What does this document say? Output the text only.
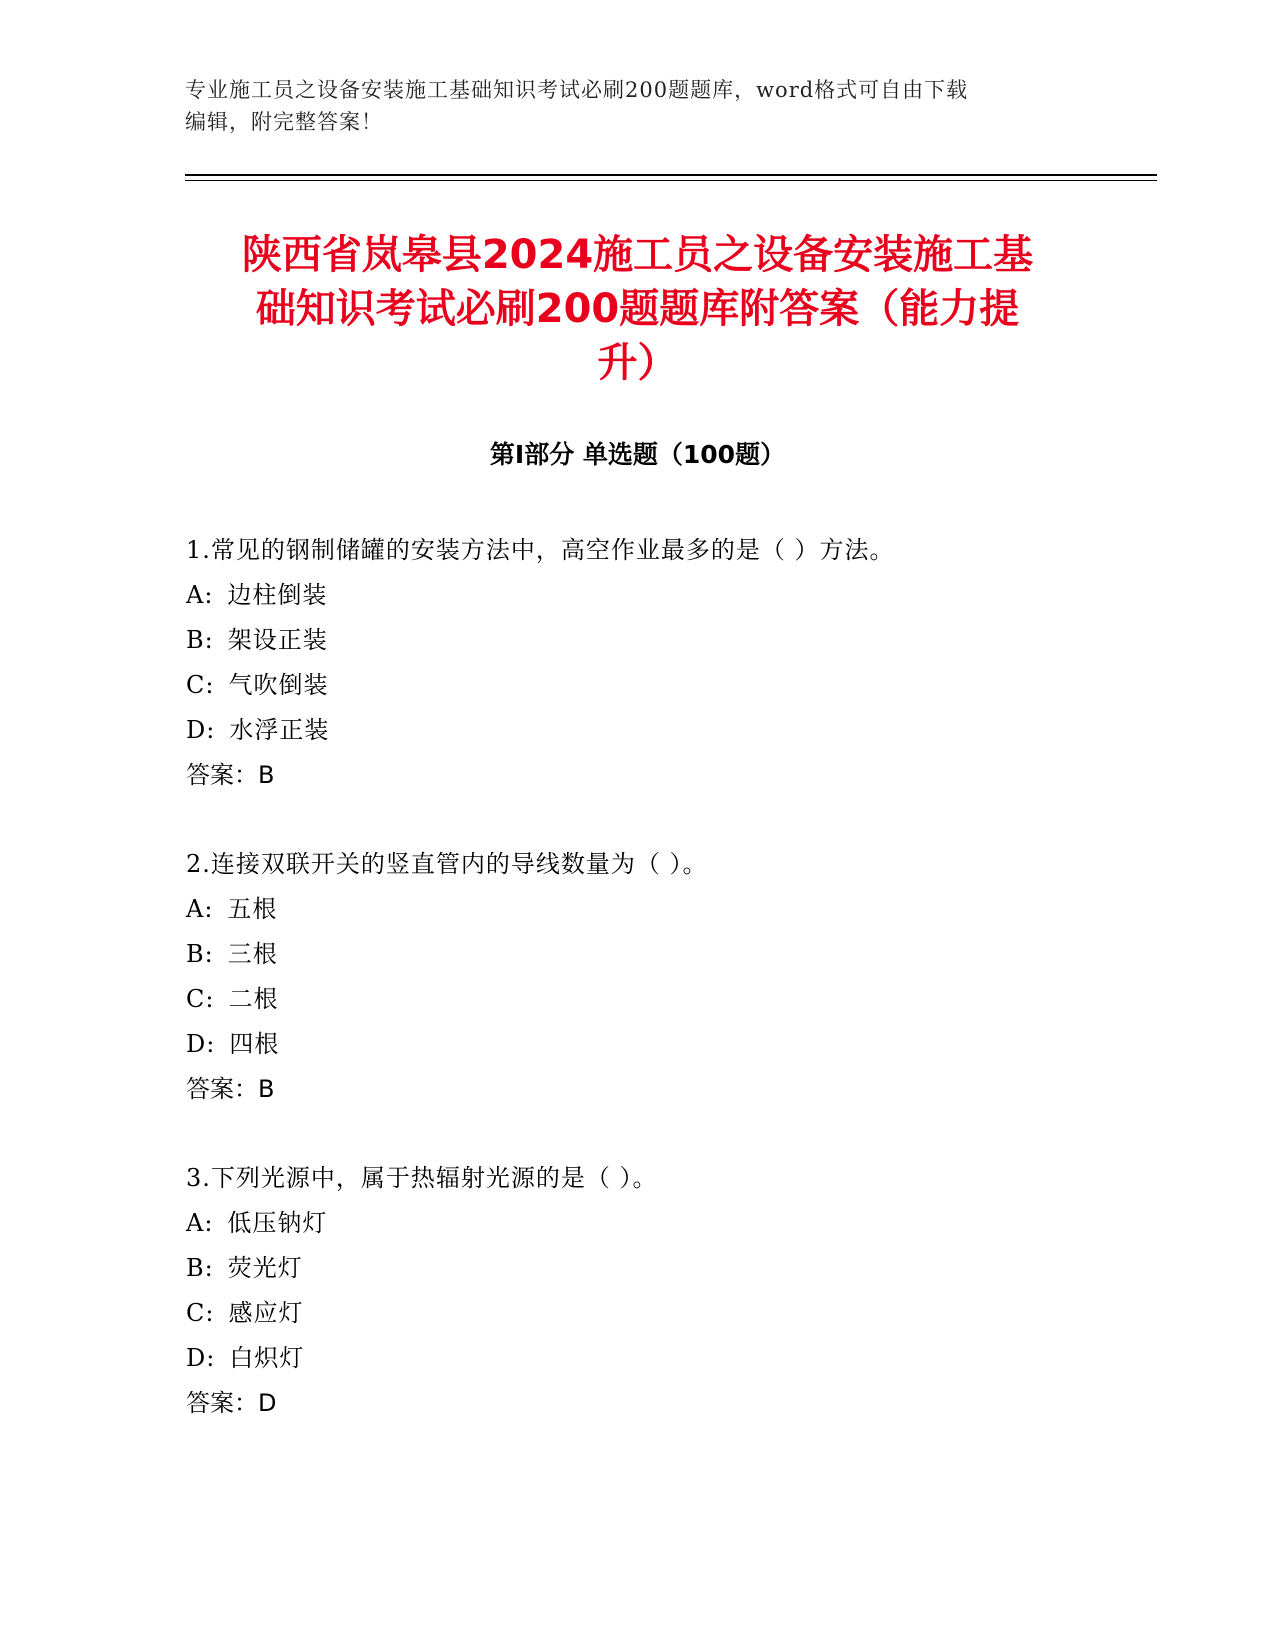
专业施工员之设备安装施工基础知识考试必刷200题题库，word格式可自由下载
编辑，附完整答案！
陕西省岚皋县2024施工员之设备安装施工基
础知识考试必刷200题题库附答案（能力提
升）
第Ⅰ部分 单选题（100题）
1.常见的钢制储罐的安装方法中，高空作业最多的是（ ）方法。
A: 边柱倒装
B: 架设正装
C: 气吹倒装
D: 水浮正装
答案：B
2.连接双联开关的竖直管内的导线数量为（ ）。
A: 五根
B: 三根
C: 二根
D: 四根
答案：B
3.下列光源中，属于热辐射光源的是（ ）。
A: 低压钠灯
B: 荧光灯
C: 感应灯
D: 白炽灯
答案：D
